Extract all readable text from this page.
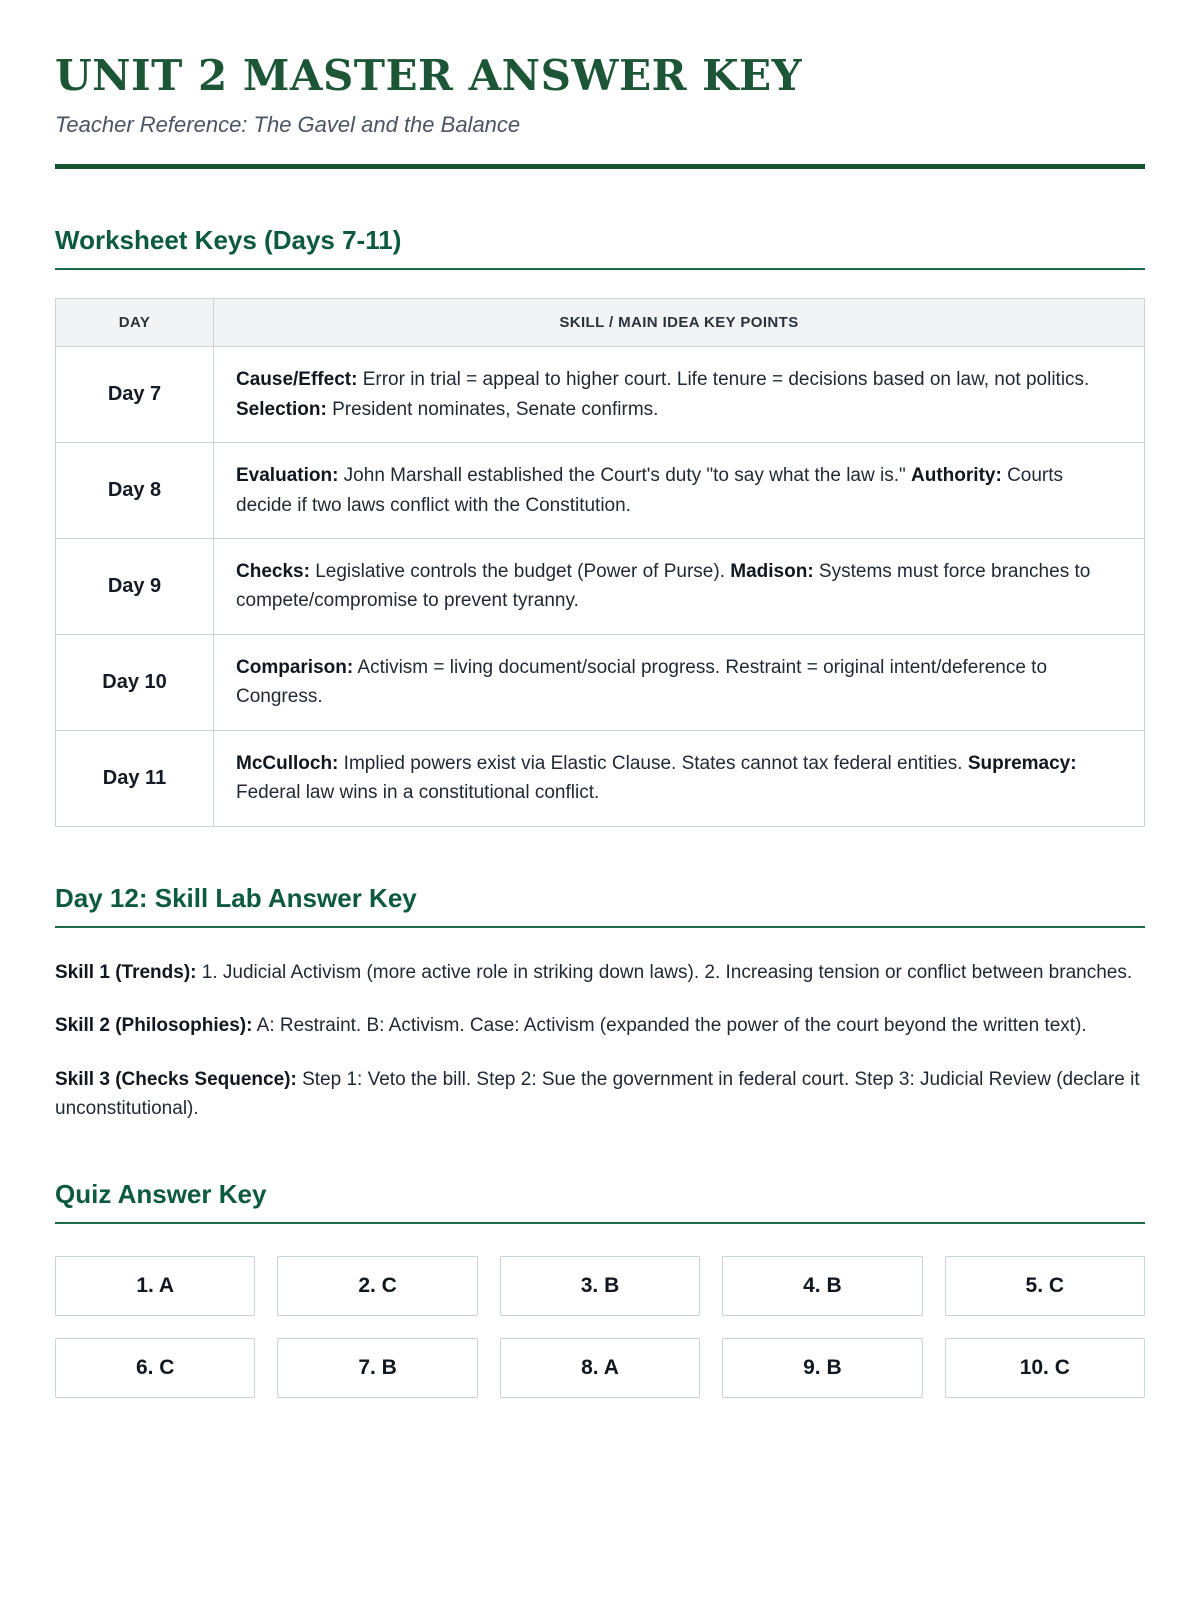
UNIT 2 MASTER ANSWER KEY
Teacher Reference: The Gavel and the Balance
Worksheet Keys (Days 7-11)
DAY	SKILL / MAIN IDEA KEY POINTS
Day 7	Cause/Effect: Error in trial = appeal to higher court. Life tenure = decisions based on law, not politics. Selection: President nominates, Senate confirms.
Day 8	Evaluation: John Marshall established the Court's duty "to say what the law is." Authority: Courts decide if two laws conflict with the Constitution.
Day 9	Checks: Legislative controls the budget (Power of Purse). Madison: Systems must force branches to compete/compromise to prevent tyranny.
Day 10	Comparison: Activism = living document/social progress. Restraint = original intent/deference to Congress.
Day 11	McCulloch: Implied powers exist via Elastic Clause. States cannot tax federal entities. Supremacy: Federal law wins in a constitutional conflict.
Day 12: Skill Lab Answer Key

Skill 1 (Trends): 1. Judicial Activism (more active role in striking down laws). 2. Increasing tension or conflict between branches.

Skill 2 (Philosophies): A: Restraint. B: Activism. Case: Activism (expanded the power of the court beyond the written text).

Skill 3 (Checks Sequence): Step 1: Veto the bill. Step 2: Sue the government in federal court. Step 3: Judicial Review (declare it unconstitutional).

Quiz Answer Key
1. A	2. C	3. B	4. B	5. C
6. C	7. B	8. A	9. B	10. C
